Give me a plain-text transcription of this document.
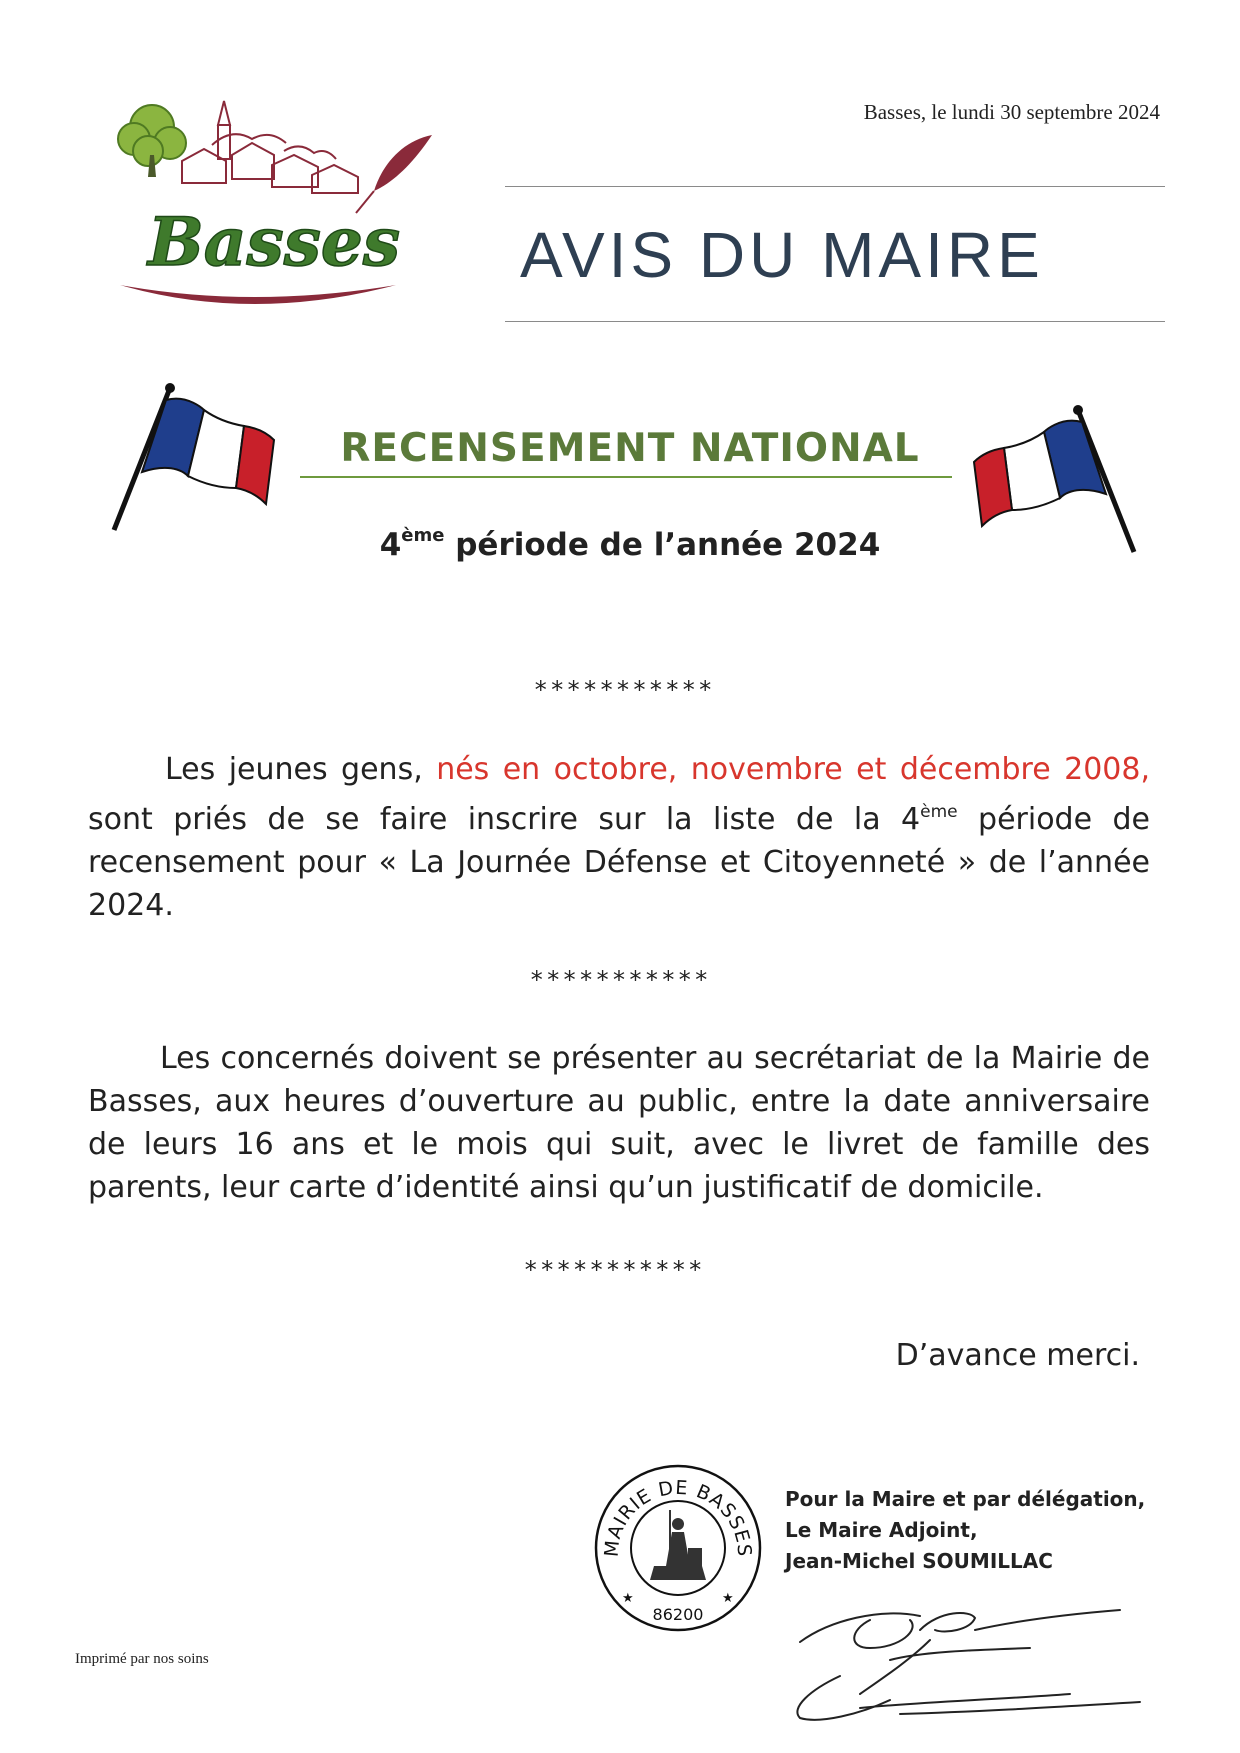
Basses, le lundi 30 septembre 2024
Basses AVIS DU MAIRE
RECENSEMENT NATIONAL
4ème période de l’année 2024
***********
Les jeunes gens, nés en octobre, novembre et décembre 2008, sont priés de se faire inscrire sur la liste de la 4ème période de recensement pour « La Journée Défense et Citoyenneté » de l’année 2024.
***********
Les concernés doivent se présenter au secrétariat de la Mairie de Basses, aux heures d’ouverture au public, entre la date anniversaire de leurs 16 ans et le mois qui suit, avec le livret de famille des parents, leur carte d’identité ainsi qu’un justificatif de domicile.
***********
D’avance merci.
MAIRIE DE BASSES
86200
★	★
Pour la Maire et par délégation,
Le Maire Adjoint,
Jean-Michel SOUMILLAC
Imprimé par nos soins
